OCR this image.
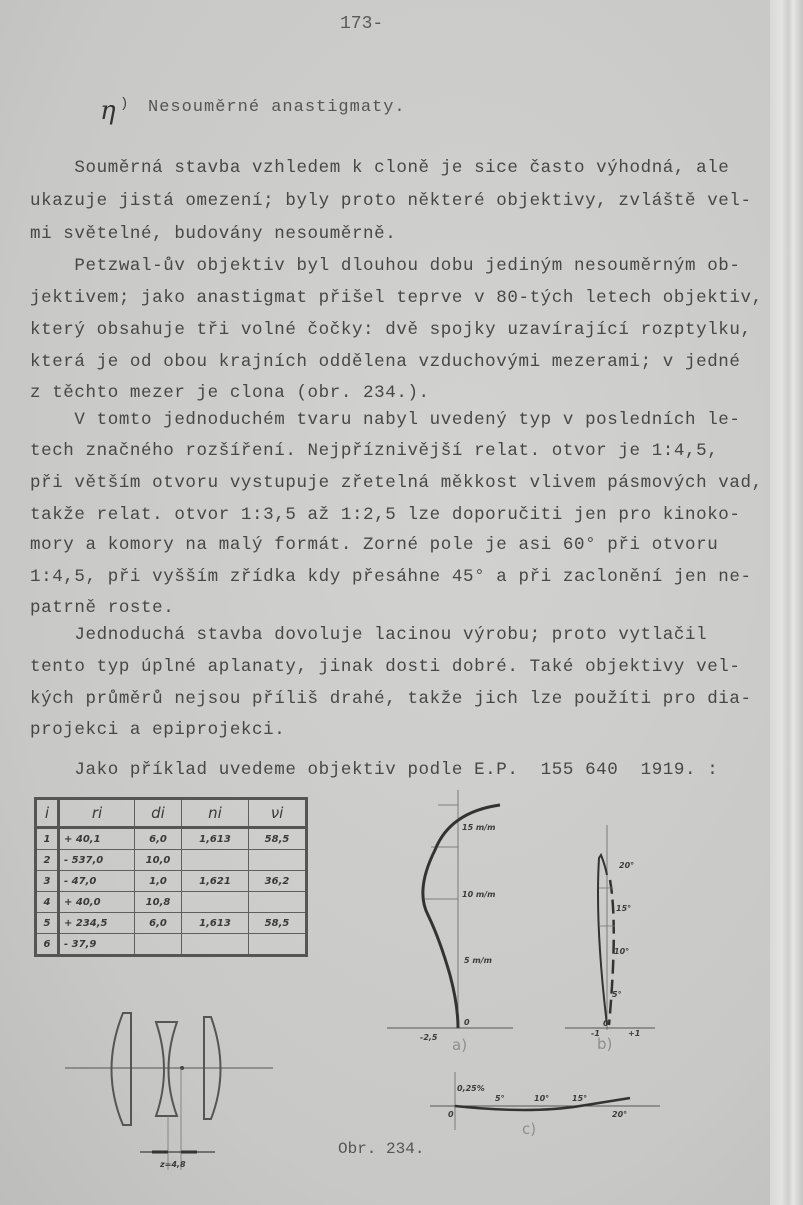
173-
η ) Nesouměrné anastigmaty.
Souměrná stavba vzhledem k cloně je sice často výhodná, ale
ukazuje jistá omezení; byly proto některé objektivy, zvláště vel-
mi světelné, budovány nesouměrně.
Petzwal-ův objektiv byl dlouhou dobu jediným nesouměrným ob-
jektivem; jako anastigmat přišel teprve v 80-tých letech objektiv,
který obsahuje tři volné čočky: dvě spojky uzavírající rozptylku,
která je od obou krajních oddělena vzduchovými mezerami; v jedné
z těchto mezer je clona (obr. 234.).
V tomto jednoduchém tvaru nabyl uvedený typ v posledních le-
tech značného rozšíření. Nejpříznivější relat. otvor je 1:4,5,
při větším otvoru vystupuje zřetelná měkkost vlivem pásmových vad,
takže relat. otvor 1:3,5 až 1:2,5 lze doporučiti jen pro kinoko-
mory a komory na malý formát. Zorné pole je asi 60° při otvoru
1:4,5, při vyšším zřídka kdy přesáhne 45° a při zaclonění jen ne-
patrně roste.
Jednoduchá stavba dovoluje lacinou výrobu; proto vytlačil
tento typ úplné aplanaty, jinak dosti dobré. Také objektivy vel-
kých průměrů nejsou příliš drahé, takže jich lze použíti pro dia-
projekci a epiprojekci.
Jako příklad uvedeme objektiv podle E.P.  155 640  1919. :
i	ri	di	ni	νi
1	+ 40,1	6,0	1,613	58,5
2	- 537,0	10,0		
3	- 47,0	1,0	1,621	36,2
4	+ 40,0	10,8		
5	+ 234,5	6,0	1,613	58,5
6	- 37,9			
z=4,8
15 m/m
10 m/m
5 m/m
0
-2,5 a)
20°
15°
10°
5°
0
-1	+1
b)
0,25%
0
5°	10°	15°
20°
c)
Obr. 234.
